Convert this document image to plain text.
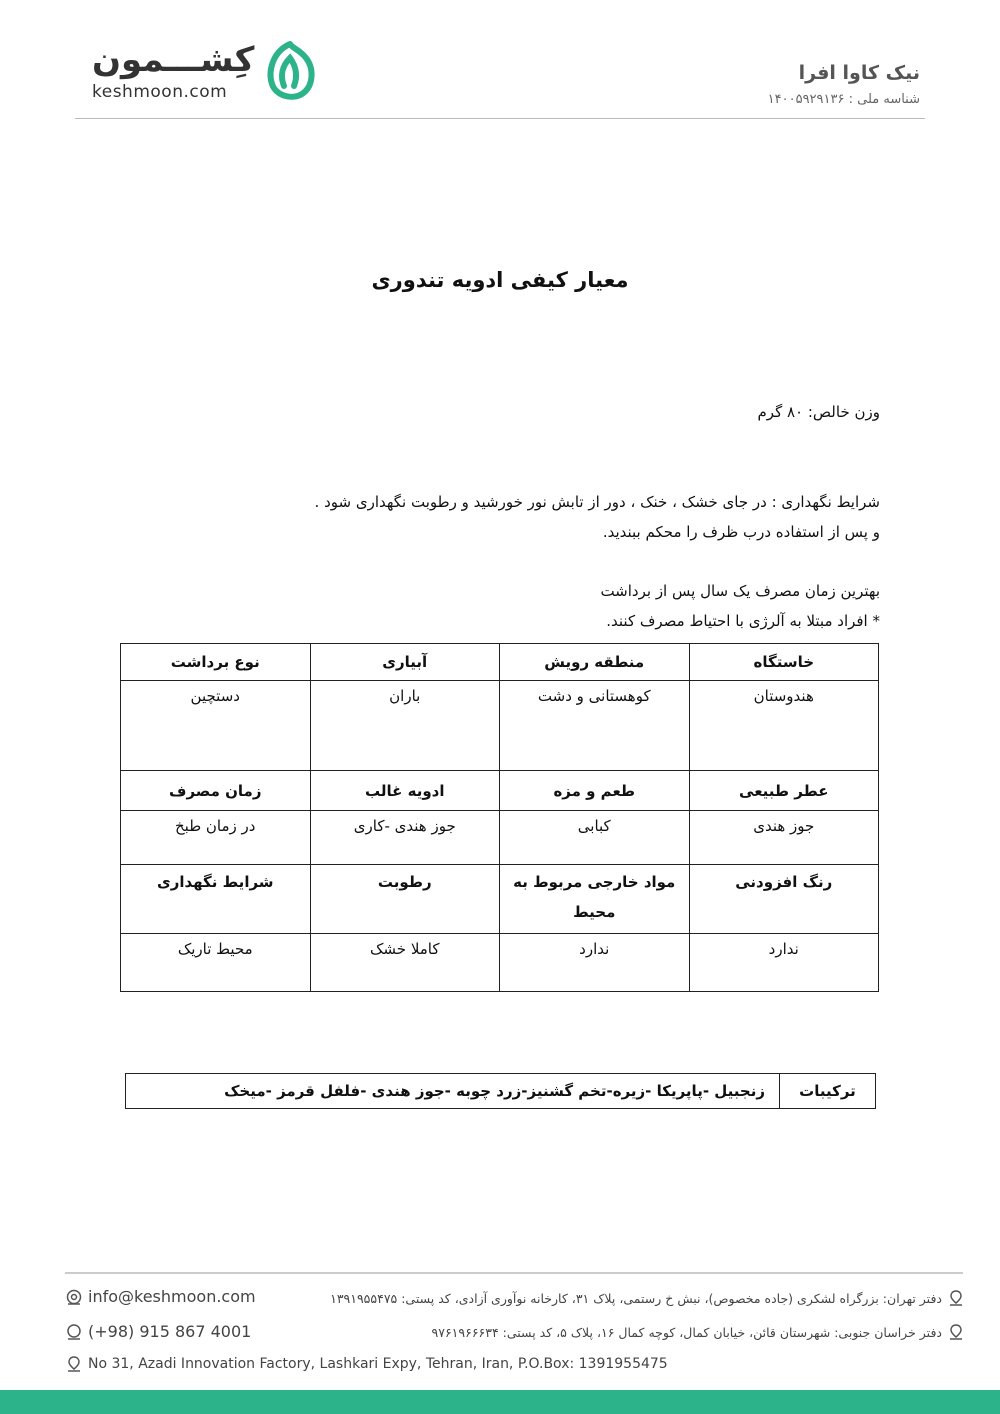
کِشـــمون
keshmoon.com
نیک کاوا افرا
شناسه ملی : ۱۴۰۰۵۹۲۹۱۳۶
معیار کیفی ادویه تندوری
وزن خالص: ۸۰ گرم
شرایط نگهداری : در جای خشک ، خنک ، دور از تابش نور خورشید و رطوبت نگهداری شود .
و پس از استفاده درب ظرف را محکم ببندید.
بهترین زمان مصرف یک سال پس از برداشت
* افراد مبتلا به آلرژی با احتیاط مصرف کنند.
خاستگاه	منطقه رویش	آبیاری	نوع برداشت
هندوستان	کوهستانی و دشت	باران	دستچین
عطر طبیعی	طعم و مزه	ادویه غالب	زمان مصرف
جوز هندی	کبابی	جوز هندی -کاری	در زمان طبخ
رنگ افزودنی	مواد خارجی مربوط به محیط	رطوبت	شرایط نگهداری
ندارد	ندارد	کاملا خشک	محیط تاریک
ترکیبات	زنجبیل -پاپریکا -زیره-تخم گشنیز-زرد چوبه -جوز هندی -فلفل قرمز -میخک
info@keshmoon.com
(+98) 915 867 4001
No 31, Azadi Innovation Factory, Lashkari Expy, Tehran, Iran, P.O.Box: 1391955475
دفتر تهران: بزرگراه لشکری (جاده مخصوص)، نبش خ رستمی، پلاک ۳۱، کارخانه نوآوری آزادی، کد پستی: ۱۳۹۱۹۵۵۴۷۵
دفتر خراسان جنوبی: شهرستان قائن، خیابان کمال، کوچه کمال ۱۶، پلاک ۵، کد پستی: ۹۷۶۱۹۶۶۶۳۴
